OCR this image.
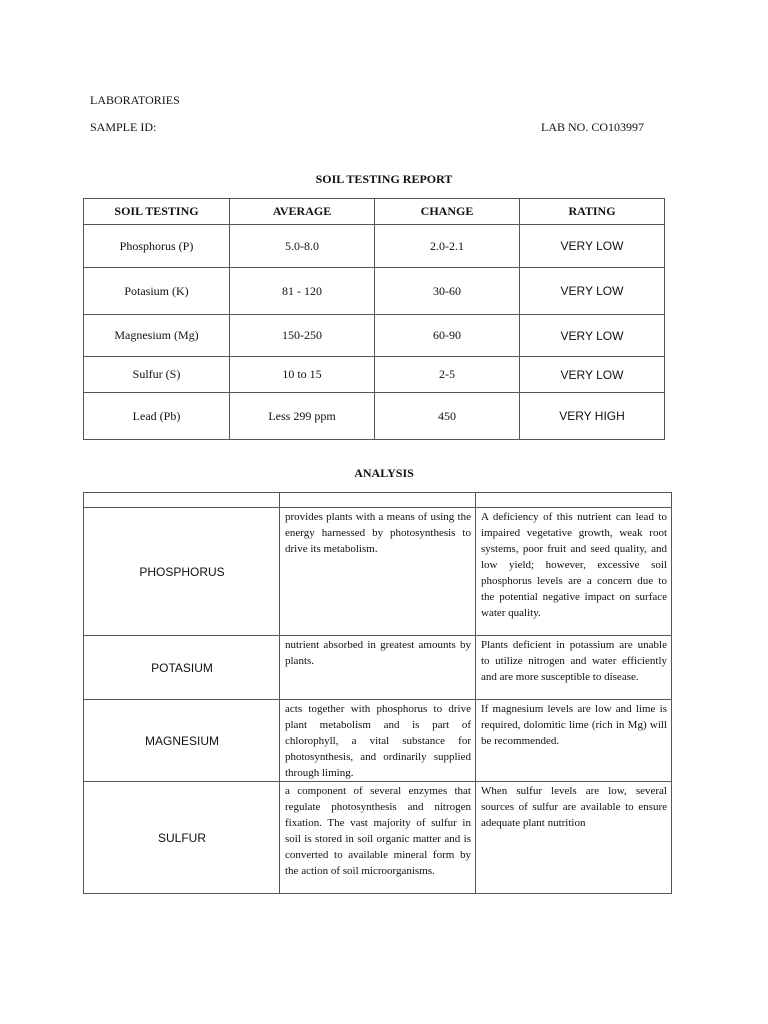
LABORATORIES
SAMPLE ID:	LAB NO. CO103997
SOIL TESTING REPORT
SOIL TESTING	AVERAGE	CHANGE	RATING
Phosphorus (P)	5.0-8.0	2.0-2.1	VERY LOW
Potasium (K)	81 - 120	30-60	VERY LOW
Magnesium (Mg)	150-250	60-90	VERY LOW
Sulfur (S)	10 to 15	2-5	VERY LOW
Lead (Pb)	Less 299 ppm	450	VERY HIGH
ANALYSIS

PHOSPHORUS	provides plants with a means of using the energy harnessed by photosynthesis to drive its metabolism.	A deficiency of this nutrient can lead to impaired vegetative growth, weak root systems, poor fruit and seed quality, and low yield; however, excessive soil phosphorus levels are a concern due to the potential negative impact on surface water quality.
POTASIUM	nutrient absorbed in greatest amounts by plants.	Plants deficient in potassium are unable to utilize nitrogen and water efficiently and are more susceptible to disease.
MAGNESIUM	acts together with phosphorus to drive plant metabolism and is part of chlorophyll, a vital substance for photosynthesis, and ordinarily supplied through liming.	If magnesium levels are low and lime is required, dolomitic lime (rich in Mg) will be recommended.
SULFUR	a component of several enzymes that regulate photosynthesis and nitrogen fixation. The vast majority of sulfur in soil is stored in soil organic matter and is converted to available mineral form by the action of soil microorganisms.	When sulfur levels are low, several sources of sulfur are available to ensure adequate plant nutrition
